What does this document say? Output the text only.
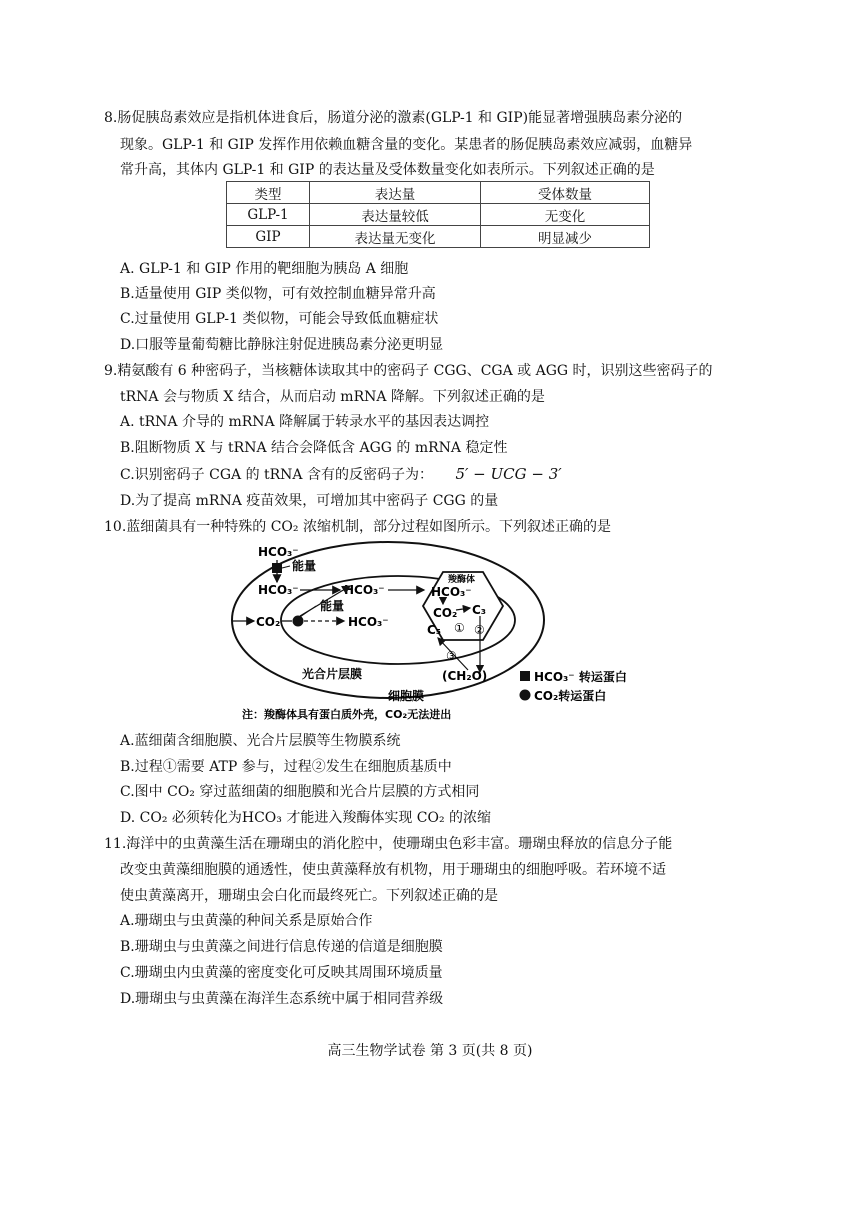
8.肠促胰岛素效应是指机体进食后，肠道分泌的激素(GLP-1 和 GIP)能显著增强胰岛素分泌的
现象。GLP-1 和 GIP 发挥作用依赖血糖含量的变化。某患者的肠促胰岛素效应减弱，血糖异
常升高，其体内 GLP-1 和 GIP 的表达量及受体数量变化如表所示。下列叙述正确的是
类型	表达量	受体数量
GLP-1	表达量较低	无变化
GIP	表达量无变化	明显减少
A. GLP-1 和 GIP 作用的靶细胞为胰岛 A 细胞
B.适量使用 GIP 类似物，可有效控制血糖异常升高
C.过量使用 GLP-1 类似物，可能会导致低血糖症状
D.口服等量葡萄糖比静脉注射促进胰岛素分泌更明显
9.精氨酸有 6 种密码子，当核糖体读取其中的密码子 CGG、CGA 或 AGG 时，识别这些密码子的
tRNA 会与物质 X 结合，从而启动 mRNA 降解。下列叙述正确的是
A. tRNA 介导的 mRNA 降解属于转录水平的基因表达调控
B.阻断物质 X 与 tRNA 结合会降低含 AGG 的 mRNA 稳定性
C.识别密码子 CGA 的 tRNA 含有的反密码子为： 5′ − UCG − 3′
D.为了提高 mRNA 疫苗效果，可增加其中密码子 CGG 的量
10.蓝细菌具有一种特殊的 CO₂ 浓缩机制，部分过程如图所示。下列叙述正确的是
HCO₃⁻
能量
HCO₃⁻	HCO₃⁻
能量
CO₂	HCO₃⁻
羧酶体
HCO₃⁻
CO₂ C₃
C₅ ① ②
③
(CH₂O)
光合片层膜
细胞膜
HCO₃⁻ 转运蛋白
CO₂转运蛋白
注：羧酶体具有蛋白质外壳，CO₂无法进出
A.蓝细菌含细胞膜、光合片层膜等生物膜系统
B.过程①需要 ATP 参与，过程②发生在细胞质基质中
C.图中 CO₂ 穿过蓝细菌的细胞膜和光合片层膜的方式相同
D. CO₂ 必须转化为HCO₃ 才能进入羧酶体实现 CO₂ 的浓缩
11.海洋中的虫黄藻生活在珊瑚虫的消化腔中，使珊瑚虫色彩丰富。珊瑚虫释放的信息分子能
改变虫黄藻细胞膜的通透性，使虫黄藻释放有机物，用于珊瑚虫的细胞呼吸。若环境不适
使虫黄藻离开，珊瑚虫会白化而最终死亡。下列叙述正确的是
A.珊瑚虫与虫黄藻的种间关系是原始合作
B.珊瑚虫与虫黄藻之间进行信息传递的信道是细胞膜
C.珊瑚虫内虫黄藻的密度变化可反映其周围环境质量
D.珊瑚虫与虫黄藻在海洋生态系统中属于相同营养级
高三生物学试卷 第 3 页(共 8 页)
